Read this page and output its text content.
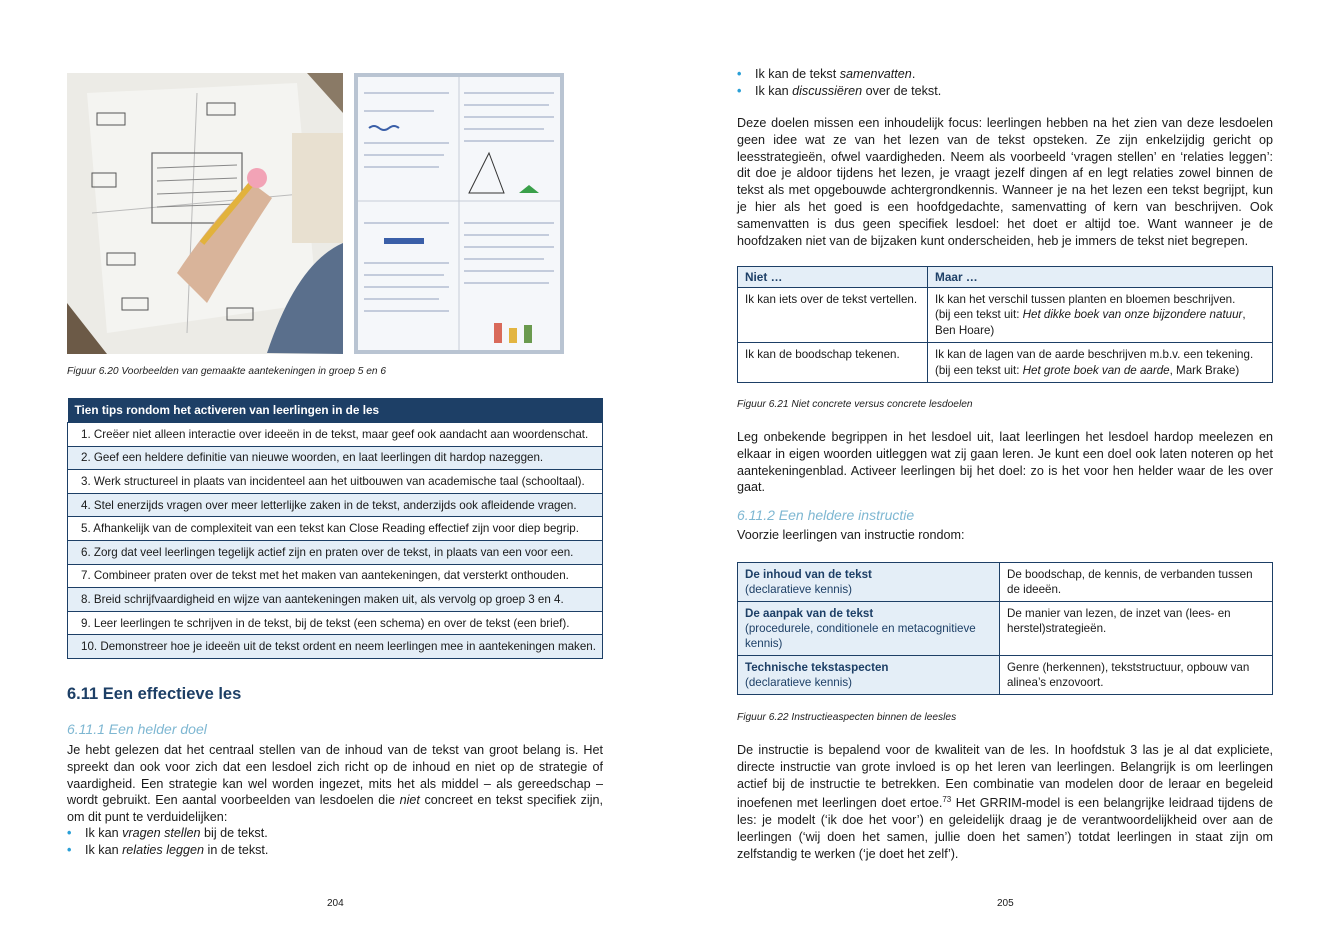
Figuur 6.20 Voorbeelden van gemaakte aantekeningen in groep 5 en 6
Tien tips rondom het activeren van leerlingen in de les
1. Creëer niet alleen interactie over ideeën in de tekst, maar geef ook aandacht aan woordenschat.
2. Geef een heldere definitie van nieuwe woorden, en laat leerlingen dit hardop nazeggen.
3. Werk structureel in plaats van incidenteel aan het uitbouwen van academische taal (schooltaal).
4. Stel enerzijds vragen over meer letterlijke zaken in de tekst, anderzijds ook afleidende vragen.
5. Afhankelijk van de complexiteit van een tekst kan Close Reading effectief zijn voor diep begrip.
6. Zorg dat veel leerlingen tegelijk actief zijn en praten over de tekst, in plaats van een voor een.
7. Combineer praten over de tekst met het maken van aantekeningen, dat versterkt onthouden.
8. Breid schrijfvaardigheid en wijze van aantekeningen maken uit, als vervolg op groep 3 en 4.
9. Leer leerlingen te schrijven in de tekst, bij de tekst (een schema) en over de tekst (een brief).
10. Demonstreer hoe je ideeën uit de tekst ordent en neem leerlingen mee in aantekeningen maken.
6.11 Een effectieve les
6.11.1 Een helder doel

Je hebt gelezen dat het centraal stellen van de inhoud van de tekst van groot belang is. Het spreekt dan ook voor zich dat een lesdoel zich richt op de inhoud en niet op de strategie of vaardigheid. Een strategie kan wel worden ingezet, mits het als middel – als gereedschap – wordt gebruikt. Een aantal voorbeelden van lesdoelen die niet concreet en tekst specifiek zijn, om dit punt te verduidelijken:

• Ik kan vragen stellen bij de tekst.
• Ik kan relaties leggen in de tekst.
204
• Ik kan de tekst samenvatten.
• Ik kan discussiëren over de tekst.

Deze doelen missen een inhoudelijk focus: leerlingen hebben na het zien van deze lesdoelen geen idee wat ze van het lezen van de tekst opsteken. Ze zijn enkelzijdig gericht op leesstrategieën, ofwel vaardigheden. Neem als voorbeeld ‘vragen stellen’ en ‘relaties leggen’: dit doe je aldoor tijdens het lezen, je vraagt jezelf dingen af en legt relaties zowel binnen de tekst als met opgebouwde achtergrondkennis. Wanneer je na het lezen een tekst begrijpt, kun je hier als het goed is een hoofdgedachte, samenvatting of kern van beschrijven. Ook samenvatten is dus geen specifiek lesdoel: het doet er altijd toe. Want wanneer je de hoofdzaken niet van de bijzaken kunt onderscheiden, heb je immers de tekst niet begrepen.

Niet …	Maar …
Ik kan iets over de tekst vertellen.	Ik kan het verschil tussen planten en bloemen beschrijven.
(bij een tekst uit: Het dikke boek van onze bijzondere natuur, Ben Hoare)
Ik kan de boodschap tekenen.	Ik kan de lagen van de aarde beschrijven m.b.v. een tekening.
(bij een tekst uit: Het grote boek van de aarde, Mark Brake)
Figuur 6.21 Niet concrete versus concrete lesdoelen

Leg onbekende begrippen in het lesdoel uit, laat leerlingen het lesdoel hardop meelezen en elkaar in eigen woorden uitleggen wat zij gaan leren. Je kunt een doel ook laten noteren op het aantekeningenblad. Activeer leerlingen bij het doel: zo is het voor hen helder waar de les over gaat.

6.11.2 Een heldere instructie
Voorzie leerlingen van instructie rondom:
De inhoud van de tekst
(declaratieve kennis)	De boodschap, de kennis, de verbanden tussen de ideeën.

De aanpak van de tekst
(procedurele, conditionele en metacognitieve kennis)	De manier van lezen, de inzet van (lees- en herstel)strategieën.

Technische tekstaspecten
(declaratieve kennis)	Genre (herkennen), tekststructuur, opbouw van alinea’s enzovoort.
Figuur 6.22 Instructieaspecten binnen de leesles

De instructie is bepalend voor de kwaliteit van de les. In hoofdstuk 3 las je al dat expliciete, directe instructie van grote invloed is op het leren van leerlingen. Belangrijk is om leerlingen actief bij de instructie te betrekken. Een combinatie van modelen door de leraar en begeleid inoefenen met leerlingen doet ertoe.$^{73}$ Het GRRIM-model is een belangrijke leidraad tijdens de les: je modelt (‘ik doe het voor’) en geleidelijk draag je de verantwoordelijkheid over aan de leerlingen (‘wij doen het samen, jullie doen het samen’) totdat leerlingen in staat zijn om zelfstandig te werken (‘je doet het zelf’).

205
